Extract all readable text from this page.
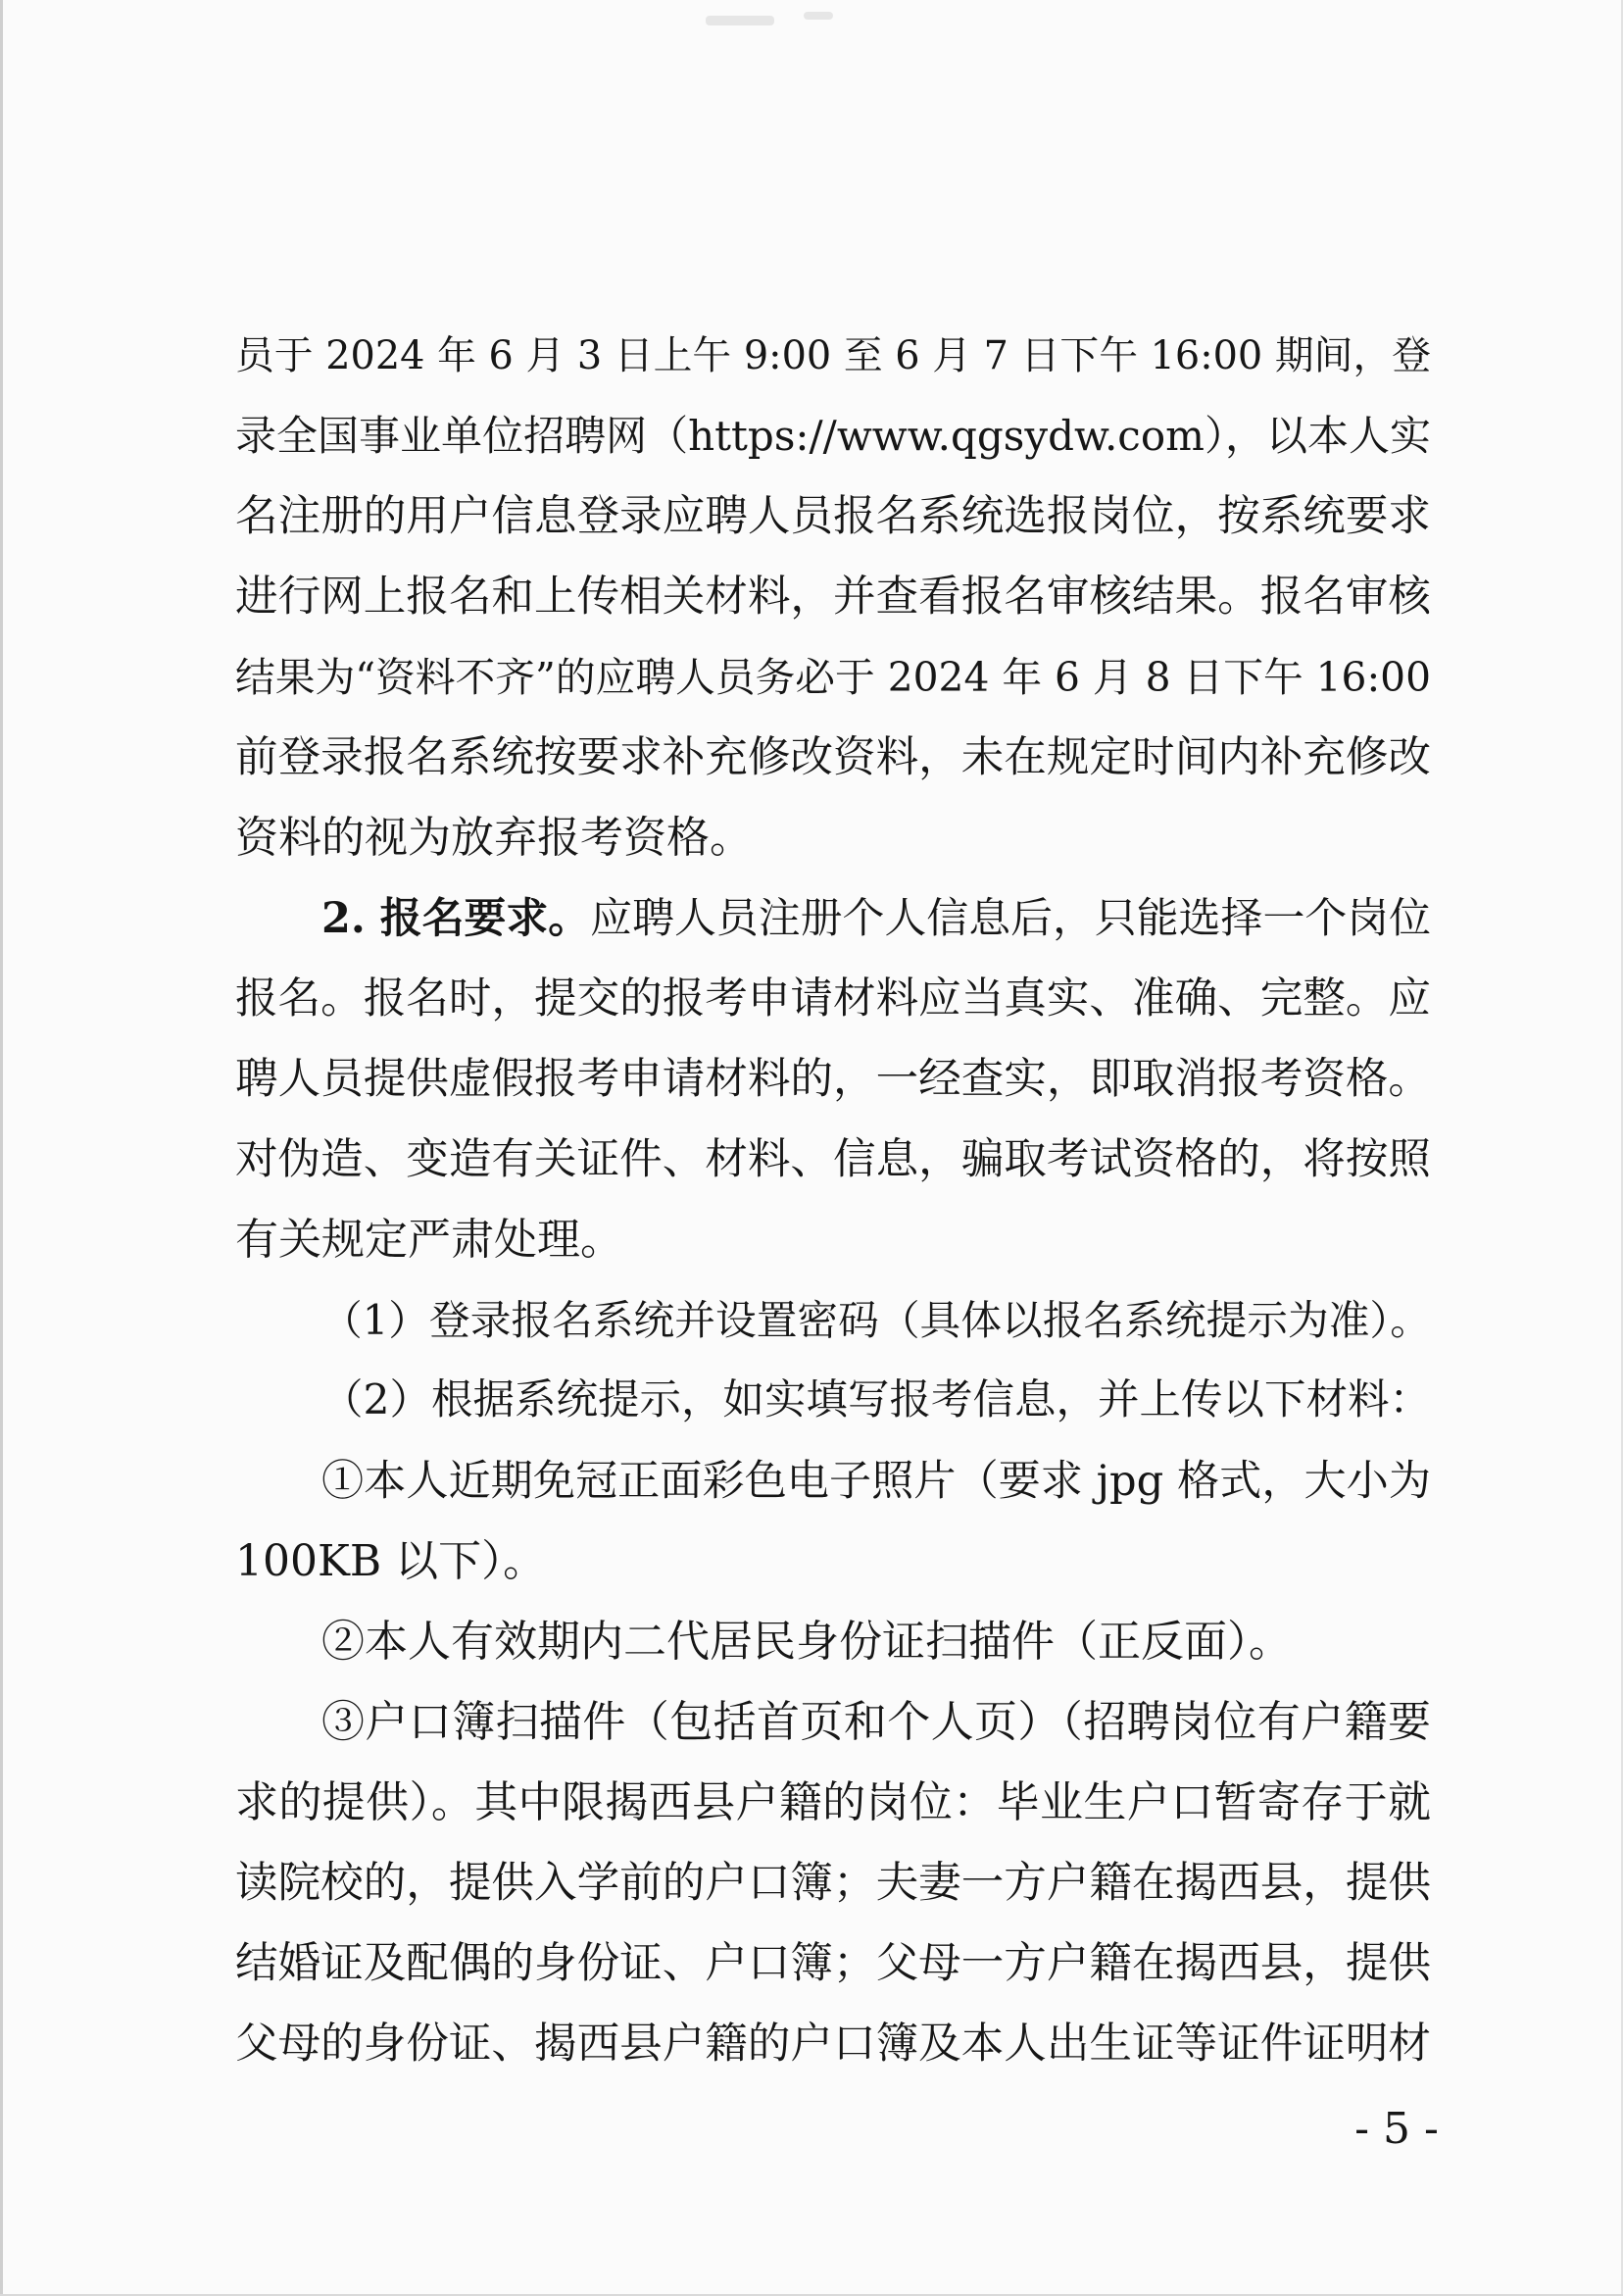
员于 2024 年 6 月 3 日上午 9:00 至 6 月 7 日下午 16:00 期间，登
录全国事业单位招聘网（https://www.qgsydw.com），以本人实
名注册的用户信息登录应聘人员报名系统选报岗位，按系统要求
进行网上报名和上传相关材料，并查看报名审核结果。报名审核
结果为“资料不齐”的应聘人员务必于 2024 年 6 月 8 日下午 16:00
前登录报名系统按要求补充修改资料，未在规定时间内补充修改
资料的视为放弃报考资格。
2. 报名要求。应聘人员注册个人信息后，只能选择一个岗位
报名。报名时，提交的报考申请材料应当真实、准确、完整。应
聘人员提供虚假报考申请材料的，一经查实，即取消报考资格。
对伪造、变造有关证件、材料、信息，骗取考试资格的，将按照
有关规定严肃处理。
（1）登录报名系统并设置密码（具体以报名系统提示为准）。
（2）根据系统提示，如实填写报考信息，并上传以下材料：
①本人近期免冠正面彩色电子照片（要求 jpg 格式，大小为
100KB 以下）。
②本人有效期内二代居民身份证扫描件（正反面）。
③户口簿扫描件（包括首页和个人页）（招聘岗位有户籍要
求的提供）。其中限揭西县户籍的岗位：毕业生户口暂寄存于就
读院校的，提供入学前的户口簿；夫妻一方户籍在揭西县，提供
结婚证及配偶的身份证、户口簿；父母一方户籍在揭西县，提供
父母的身份证、揭西县户籍的户口簿及本人出生证等证件证明材
- 5 -
